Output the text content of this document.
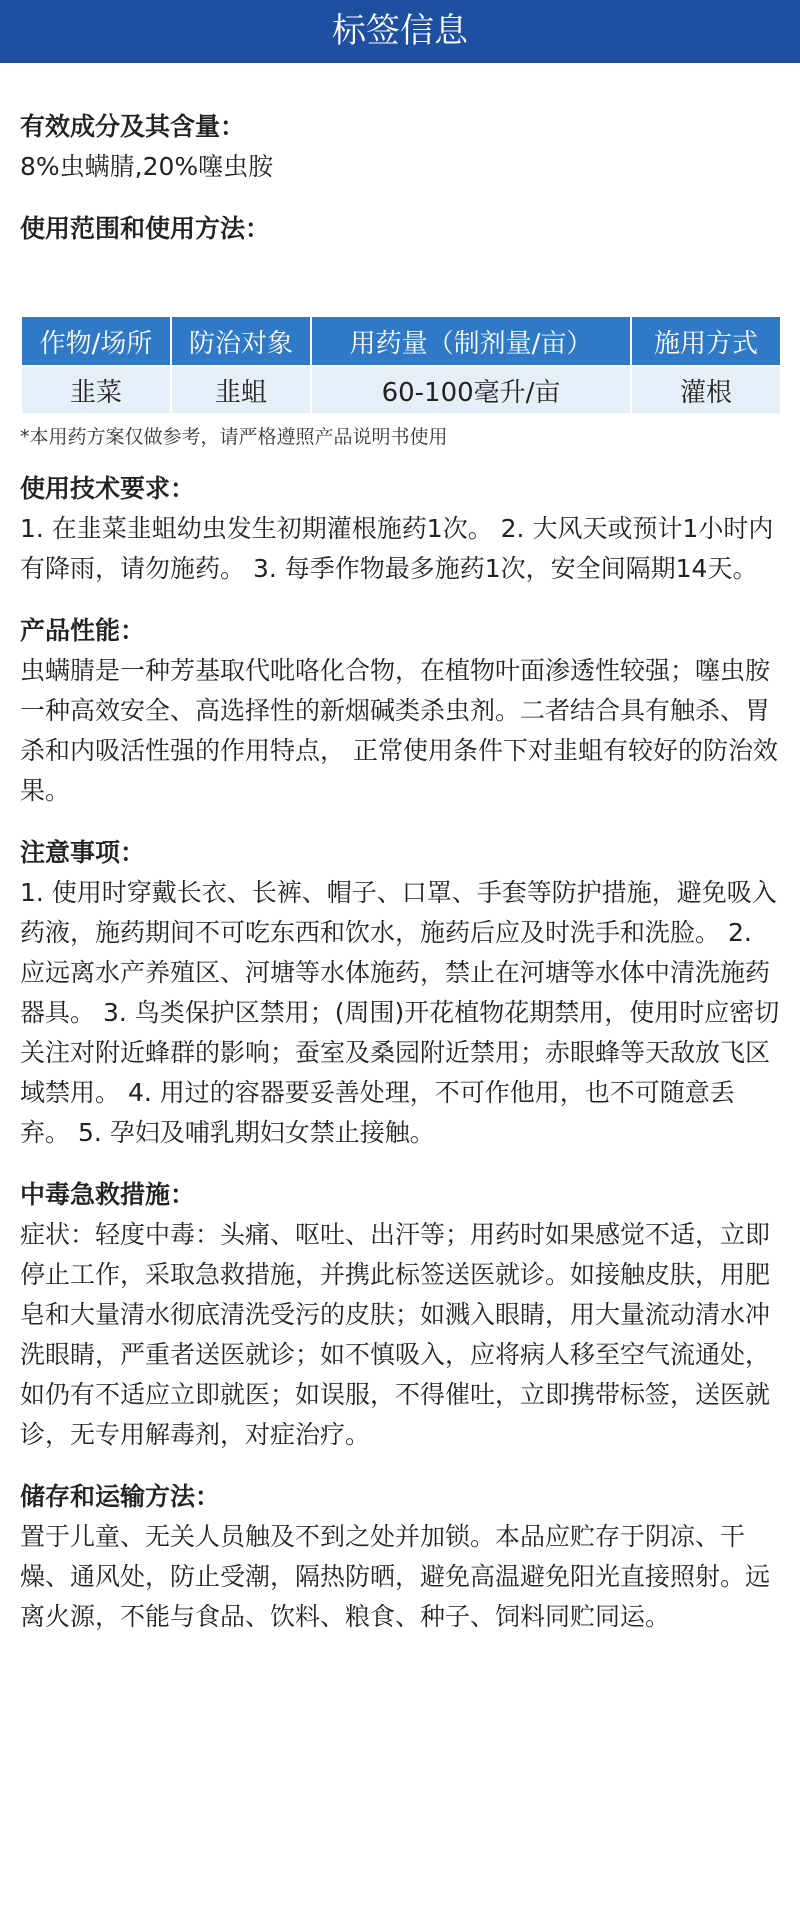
标签信息

有效成分及其含量：

8%虫螨腈,20%噻虫胺

使用范围和使用方法：

作物/场所	防治对象	用药量（制剂量/亩）	施用方式
韭菜	韭蛆	60-100毫升/亩	灌根

*本用药方案仅做参考，请严格遵照产品说明书使用

使用技术要求：

1. 在韭菜韭蛆幼虫发生初期灌根施药1次。 2. 大风天或预计1小时内有降雨，请勿施药。 3. 每季作物最多施药1次，安全间隔期14天。

产品性能：

虫螨腈是一种芳基取代吡咯化合物，在植物叶面渗透性较强；噻虫胺一种高效安全、高选择性的新烟碱类杀虫剂。二者结合具有触杀、胃杀和内吸活性强的作用特点， 正常使用条件下对韭蛆有较好的防治效果。

注意事项：

1. 使用时穿戴长衣、长裤、帽子、口罩、手套等防护措施，避免吸入药液，施药期间不可吃东西和饮水，施药后应及时洗手和洗脸。 2. 应远离水产养殖区、河塘等水体施药，禁止在河塘等水体中清洗施药器具。 3. 鸟类保护区禁用；(周围)开花植物花期禁用，使用时应密切关注对附近蜂群的影响；蚕室及桑园附近禁用；赤眼蜂等天敌放飞区域禁用。 4. 用过的容器要妥善处理，不可作他用，也不可随意丢弃。 5. 孕妇及哺乳期妇女禁止接触。

中毒急救措施：

症状：轻度中毒：头痛、呕吐、出汗等；用药时如果感觉不适，立即停止工作，采取急救措施，并携此标签送医就诊。如接触皮肤，用肥皂和大量清水彻底清洗受污的皮肤；如溅入眼睛，用大量流动清水冲洗眼睛，严重者送医就诊；如不慎吸入，应将病人移至空气流通处，如仍有不适应立即就医；如误服，不得催吐，立即携带标签，送医就诊，无专用解毒剂，对症治疗。

储存和运输方法：

置于儿童、无关人员触及不到之处并加锁。本品应贮存于阴凉、干燥、通风处，防止受潮，隔热防晒，避免高温避免阳光直接照射。远离火源，不能与食品、饮料、粮食、种子、饲料同贮同运。
